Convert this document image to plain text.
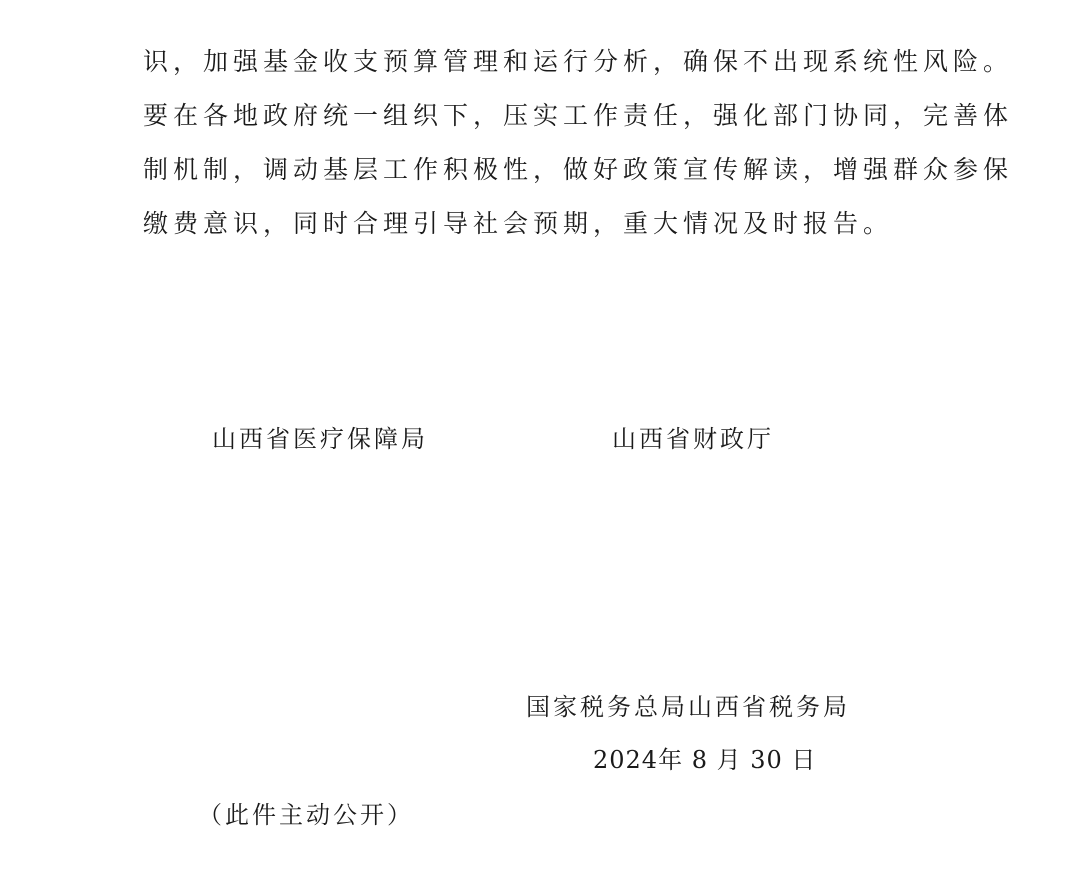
识，加强基金收支预算管理和运行分析，确保不出现系统性风险。
要在各地政府统一组织下，压实工作责任，强化部门协同，完善体
制机制，调动基层工作积极性，做好政策宣传解读，增强群众参保
缴费意识，同时合理引导社会预期，重大情况及时报告。
山西省医疗保障局	山西省财政厅
国家税务总局山西省税务局
2024年 8 月 30 日
（此件主动公开）
